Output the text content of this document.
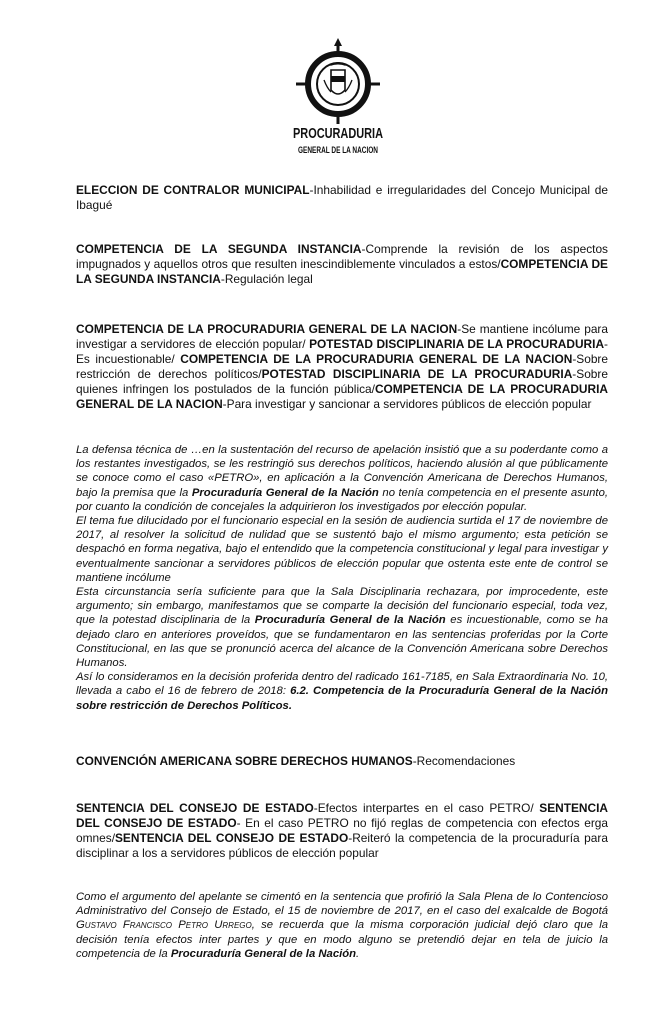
PROCURADURIA
GENERAL DE LA NACION
ELECCION DE CONTRALOR MUNICIPAL-Inhabilidad e irregularidades del Concejo Municipal de Ibagué
COMPETENCIA DE LA SEGUNDA INSTANCIA-Comprende la revisión de los aspectos impugnados y aquellos otros que resulten inescindiblemente vinculados a estos/COMPETENCIA DE LA SEGUNDA INSTANCIA-Regulación legal
COMPETENCIA DE LA PROCURADURIA GENERAL DE LA NACION-Se mantiene incólume para investigar a servidores de elección popular/ POTESTAD DISCIPLINARIA DE LA PROCURADURIA-Es incuestionable/ COMPETENCIA DE LA PROCURADURIA GENERAL DE LA NACION-Sobre restricción de derechos políticos/POTESTAD DISCIPLINARIA DE LA PROCURADURIA-Sobre quienes infringen los postulados de la función pública/COMPETENCIA DE LA PROCURADURIA GENERAL DE LA NACION-Para investigar y sancionar a servidores públicos de elección popular
La defensa técnica de …en la sustentación del recurso de apelación insistió que a su poderdante como a los restantes investigados, se les restringió sus derechos políticos, haciendo alusión al que públicamente se conoce como el caso «PETRO», en aplicación a la Convención Americana de Derechos Humanos, bajo la premisa que la Procuraduría General de la Nación no tenía competencia en el presente asunto, por cuanto la condición de concejales la adquirieron los investigados por elección popular.
El tema fue dilucidado por el funcionario especial en la sesión de audiencia surtida el 17 de noviembre de 2017, al resolver la solicitud de nulidad que se sustentó bajo el mismo argumento; esta petición se despachó en forma negativa, bajo el entendido que la competencia constitucional y legal para investigar y eventualmente sancionar a servidores públicos de elección popular que ostenta este ente de control se mantiene incólume
Esta circunstancia sería suficiente para que la Sala Disciplinaria rechazara, por improcedente, este argumento; sin embargo, manifestamos que se comparte la decisión del funcionario especial, toda vez, que la potestad disciplinaria de la Procuraduría General de la Nación es incuestionable, como se ha dejado claro en anteriores proveídos, que se fundamentaron en las sentencias proferidas por la Corte Constitucional, en las que se pronunció acerca del alcance de la Convención Americana sobre Derechos Humanos.
Así lo consideramos en la decisión proferida dentro del radicado 161-7185, en Sala Extraordinaria No. 10, llevada a cabo el 16 de febrero de 2018: 6.2. Competencia de la Procuraduría General de la Nación sobre restricción de Derechos Políticos.
CONVENCIÓN AMERICANA SOBRE DERECHOS HUMANOS-Recomendaciones
SENTENCIA DEL CONSEJO DE ESTADO-Efectos interpartes en el caso PETRO/ SENTENCIA DEL CONSEJO DE ESTADO- En el caso PETRO no fijó reglas de competencia con efectos erga omnes/SENTENCIA DEL CONSEJO DE ESTADO-Reiteró la competencia de la procuraduría para disciplinar a los a servidores públicos de elección popular
Como el argumento del apelante se cimentó en la sentencia que profirió la Sala Plena de lo Contencioso Administrativo del Consejo de Estado, el 15 de noviembre de 2017, en el caso del exalcalde de Bogotá Gustavo Francisco Petro Urrego, se recuerda que la misma corporación judicial dejó claro que la decisión tenía efectos inter partes y que en modo alguno se pretendió dejar en tela de juicio la competencia de la Procuraduría General de la Nación.
